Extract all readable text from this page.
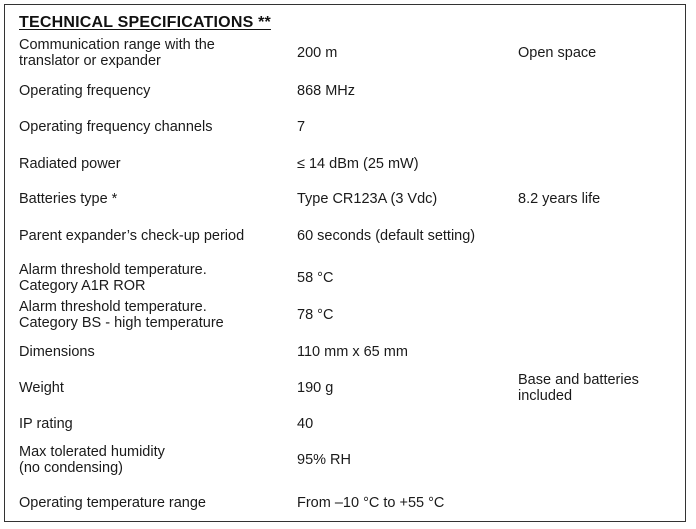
TECHNICAL SPECIFICATIONS **
Communication range with the
translator or expander	200 m	Open space
Operating frequency	868 MHz
Operating frequency channels	7
Radiated power	≤ 14 dBm (25 mW)
Batteries type *	Type CR123A (3 Vdc)	8.2 years life
Parent expander’s check-up period	60 seconds (default setting)
Alarm threshold temperature.
Category A1R ROR	58 °C
Alarm threshold temperature.
Category BS - high temperature	78 °C
Dimensions	110 mm x 65 mm
Weight	190 g	Base and batteries
included
IP rating	40
Max tolerated humidity
(no condensing)	95% RH
Operating temperature range	From –10 °C to +55 °C
